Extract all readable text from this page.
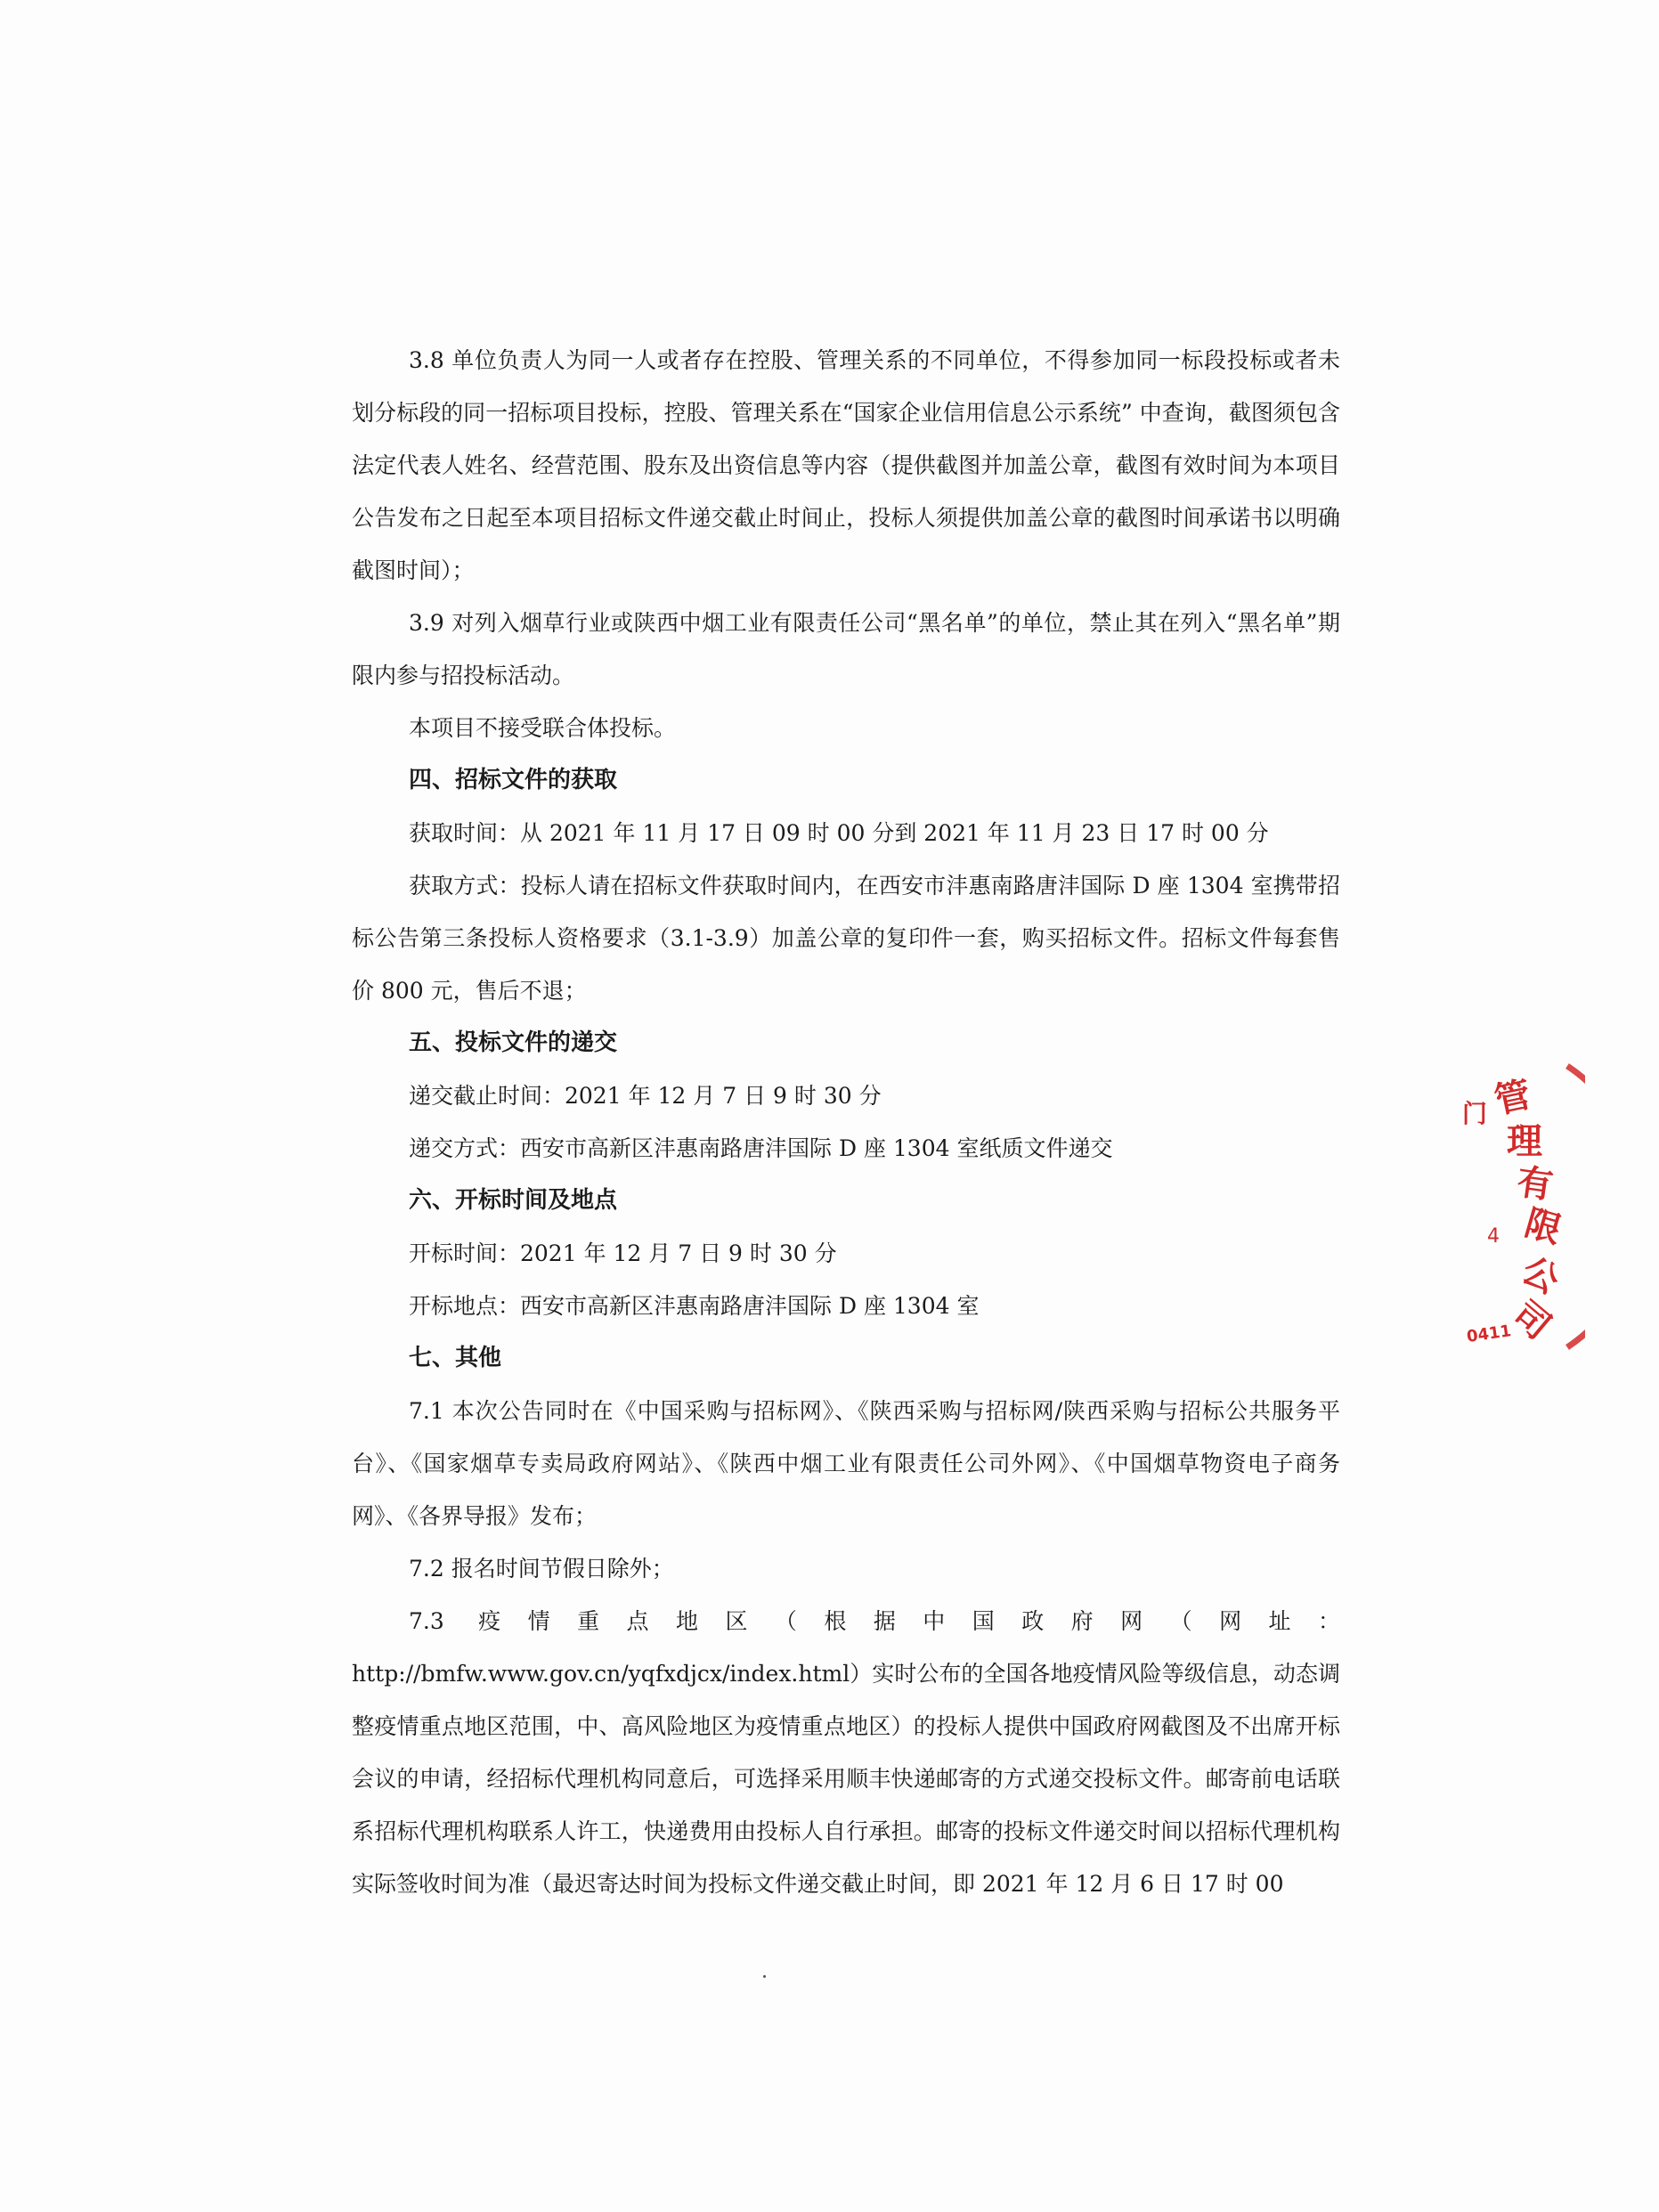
3.8 单位负责人为同一人或者存在控股、管理关系的不同单位，不得参加同一标段投标或者未划分标段的同一招标项目投标，控股、管理关系在“国家企业信用信息公示系统” 中查询，截图须包含法定代表人姓名、经营范围、股东及出资信息等内容（提供截图并加盖公章，截图有效时间为本项目公告发布之日起至本项目招标文件递交截止时间止，投标人须提供加盖公章的截图时间承诺书以明确截图时间）；

3.9 对列入烟草行业或陕西中烟工业有限责任公司“黑名单”的单位，禁止其在列入“黑名单”期限内参与招投标活动。

本项目不接受联合体投标。

四、招标文件的获取

获取时间：从 2021 年 11 月 17 日 09 时 00 分到 2021 年 11 月 23 日 17 时 00 分

获取方式：投标人请在招标文件获取时间内，在西安市沣惠南路唐沣国际 D 座 1304 室携带招标公告第三条投标人资格要求（3.1-3.9）加盖公章的复印件一套，购买招标文件。招标文件每套售价 800 元，售后不退；

五、投标文件的递交

递交截止时间：2021 年 12 月 7 日 9 时 30 分

递交方式：西安市高新区沣惠南路唐沣国际 D 座 1304 室纸质文件递交

六、开标时间及地点

开标时间：2021 年 12 月 7 日 9 时 30 分

开标地点：西安市高新区沣惠南路唐沣国际 D 座 1304 室

七、其他

7.1 本次公告同时在《中国采购与招标网》、《陕西采购与招标网/陕西采购与招标公共服务平台》、《国家烟草专卖局政府网站》、《陕西中烟工业有限责任公司外网》、《中国烟草物资电子商务网》、《各界导报》发布；

7.2 报名时间节假日除外；

7.3 疫情重点地区（根据中国政府网（网址：http://bmfw.www.gov.cn/yqfxdjcx/index.html）实时公布的全国各地疫情风险等级信息，动态调整疫情重点地区范围，中、高风险地区为疫情重点地区）的投标人提供中国政府网截图及不出席开标会议的申请，经招标代理机构同意后，可选择采用顺丰快递邮寄的方式递交投标文件。邮寄前电话联系招标代理机构联系人许工，快递费用由投标人自行承担。邮寄的投标文件递交时间以招标代理机构实际签收时间为准（最迟寄达时间为投标文件递交截止时间，即 2021 年 12 月 6 日 17 时 00

管
理
有
限
公
司
0411
门
4
